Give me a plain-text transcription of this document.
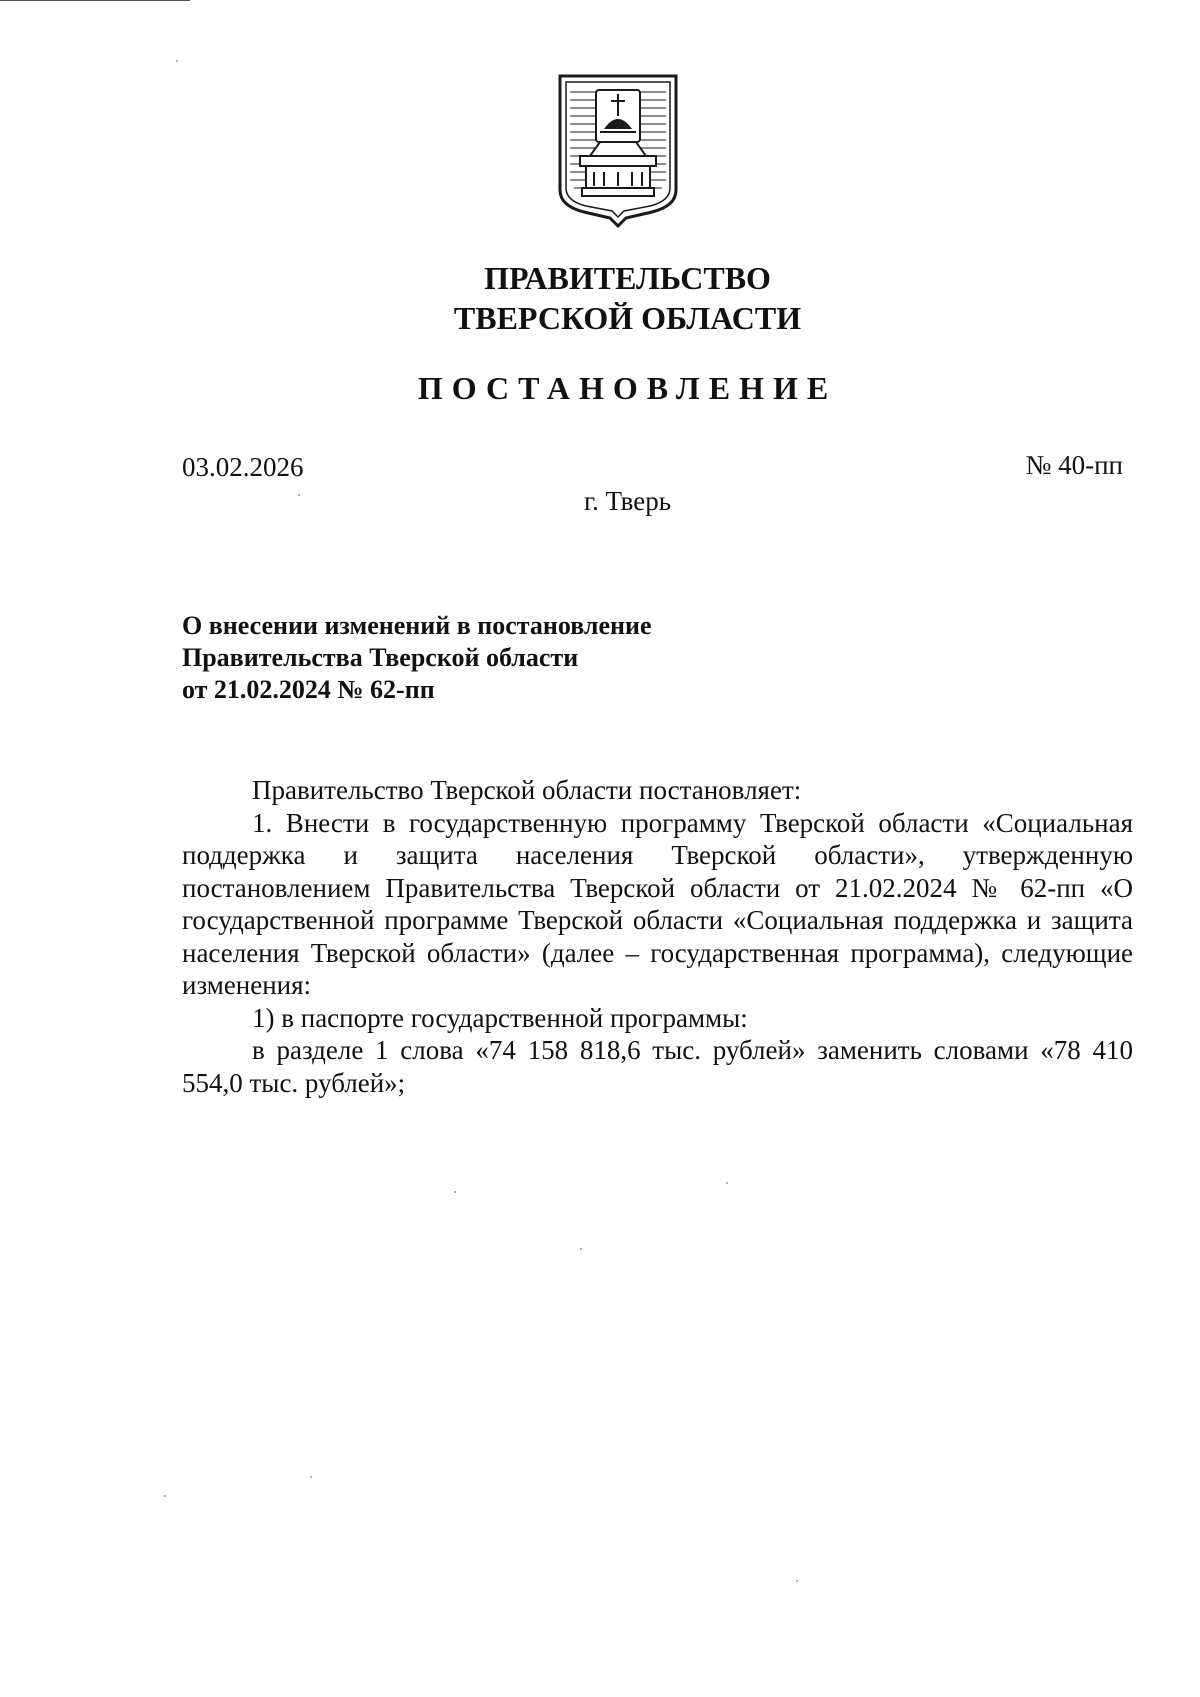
ПРАВИТЕЛЬСТВО
ТВЕРСКОЙ ОБЛАСТИ
ПОСТАНОВЛЕНИЕ
03.02.2026	№ 40-пп
г. Тверь
О внесении изменений в постановление
Правительства Тверской области
от 21.02.2024 № 62-пп

Правительство Тверской области постановляет:

1. Внести в государственную программу Тверской области «Социальная поддержка и защита населения Тверской области», утвержденную постановлением Правительства Тверской области от 21.02.2024 № 62-пп «О государственной программе Тверской области «Социальная поддержка и защита населения Тверской области» (далее – государственная программа), следующие изменения:

1) в паспорте государственной программы:

в разделе 1 слова «74 158 818,6 тыс. рублей» заменить словами «78 410 554,0 тыс. рублей»;
